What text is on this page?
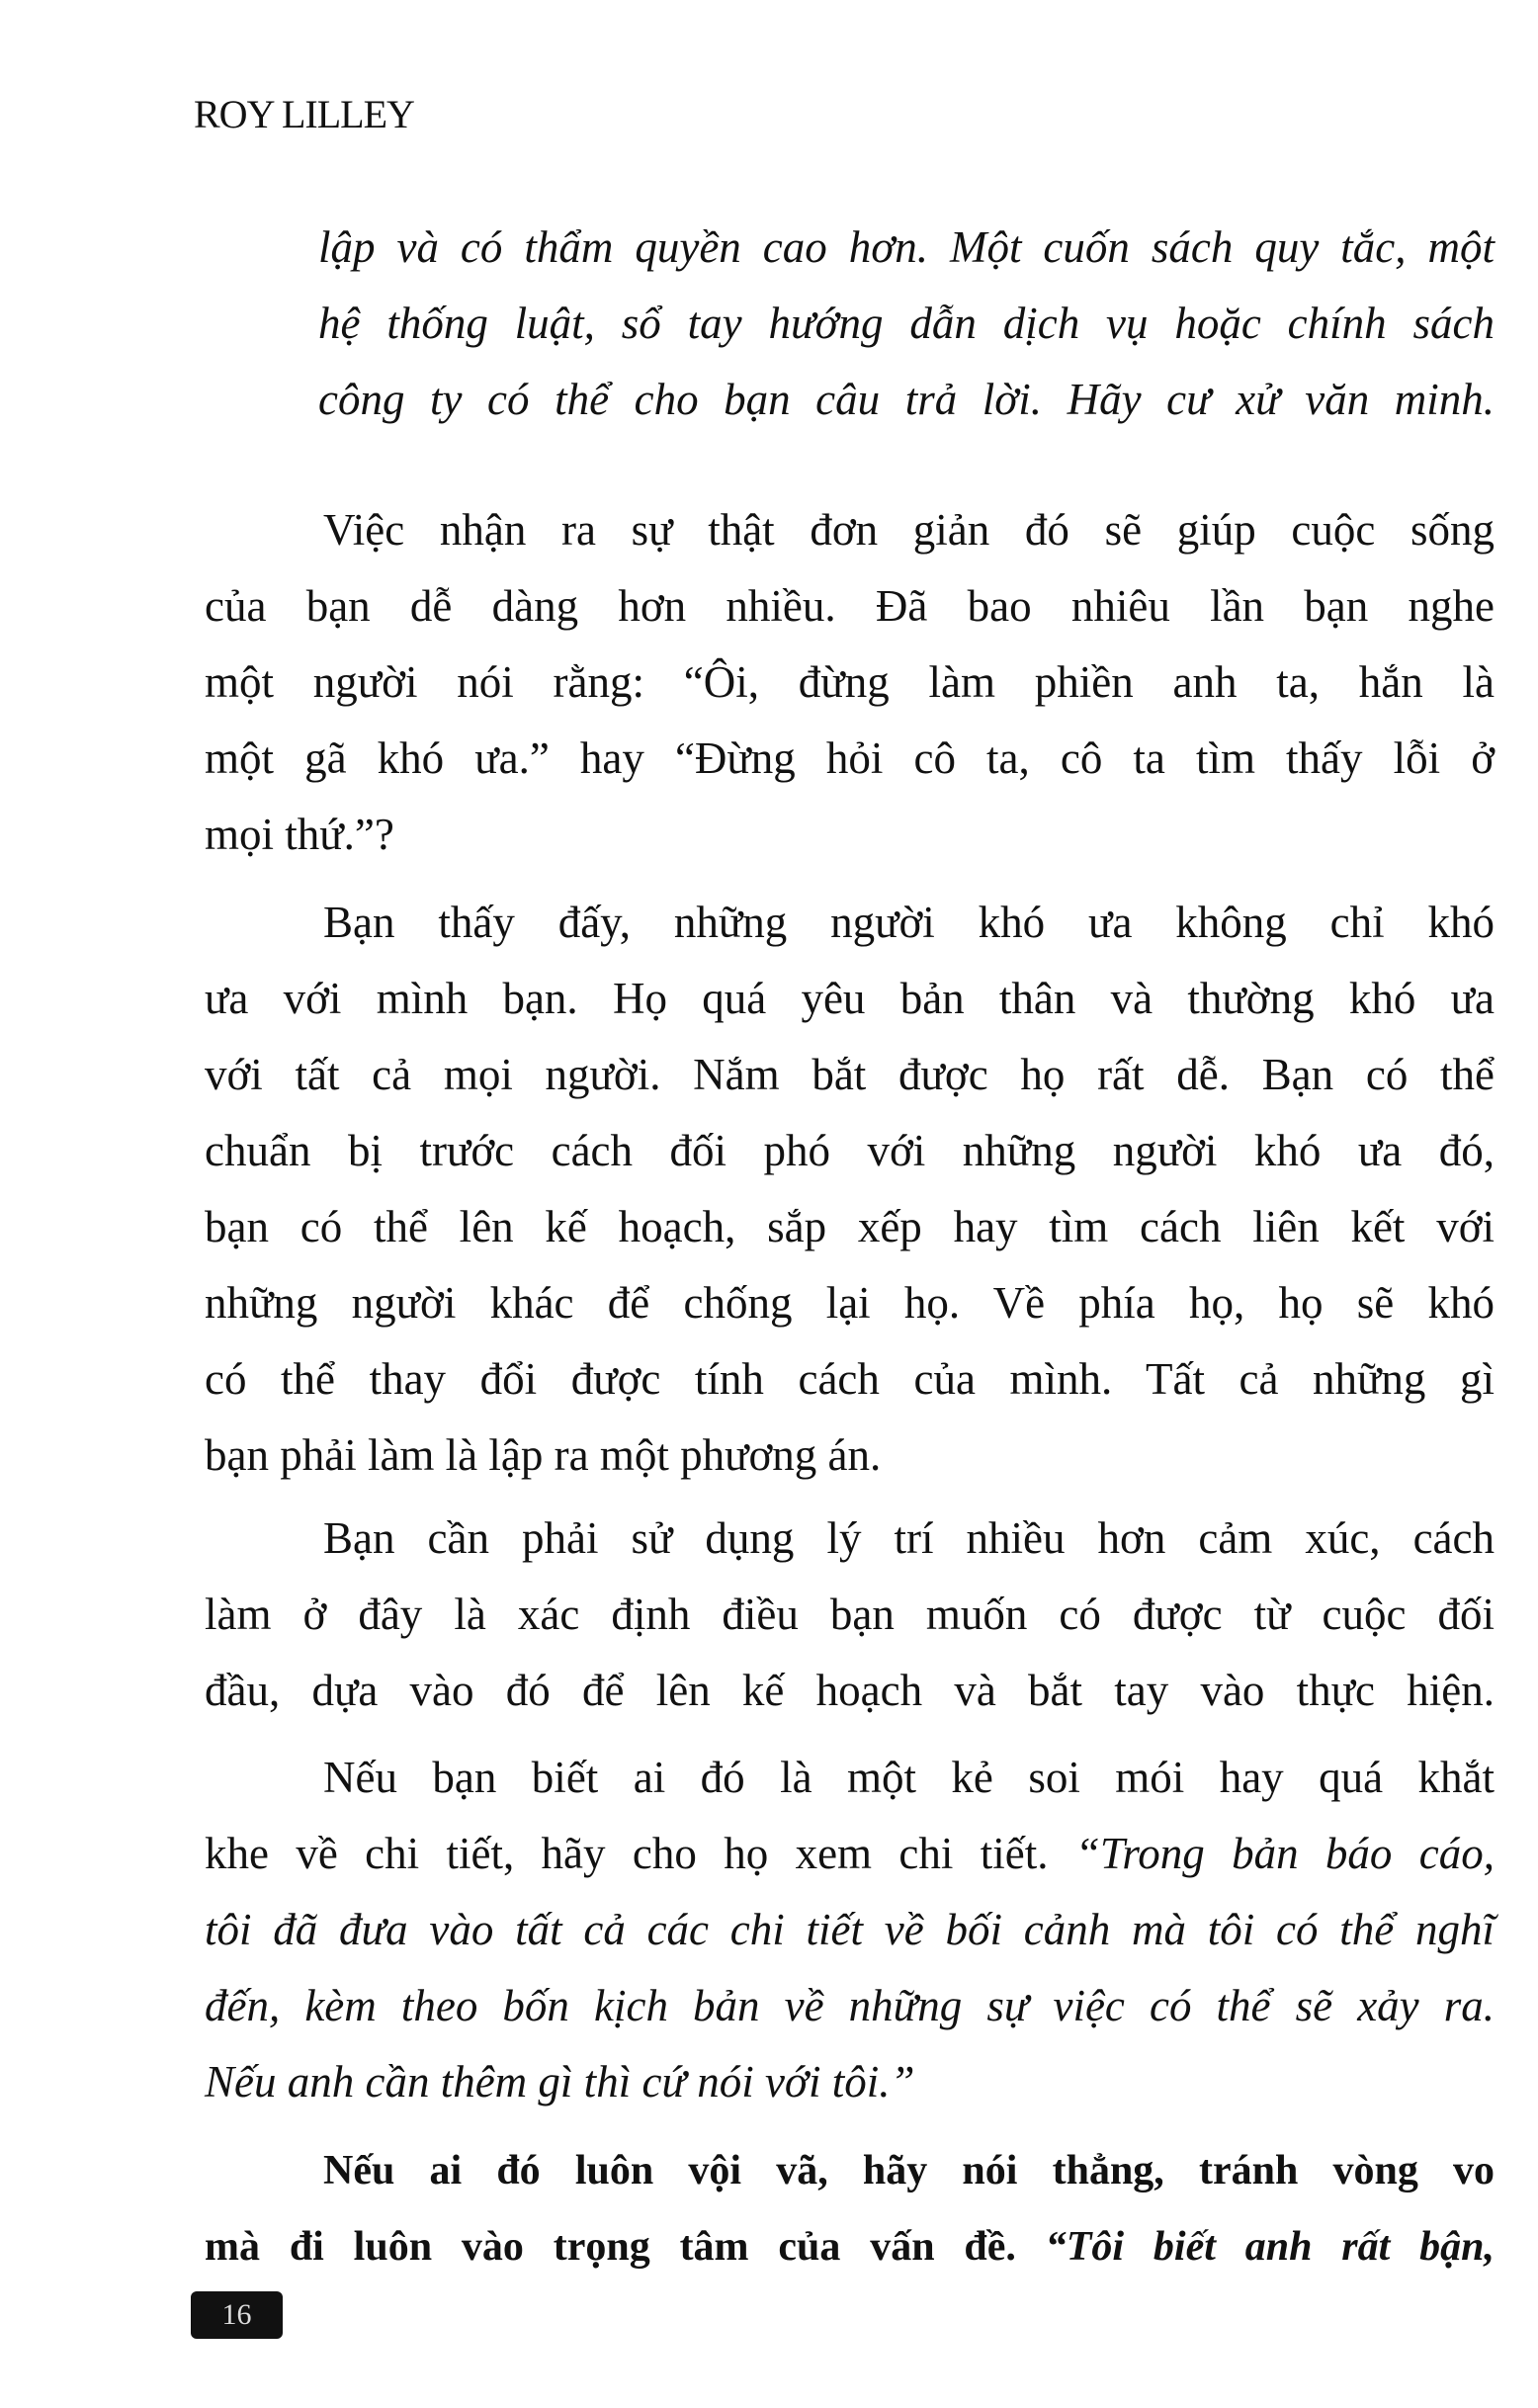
ROY LILLEY
lập và có thẩm quyền cao hơn. Một cuốn sách quy tắc, một
hệ thống luật, sổ tay hướng dẫn dịch vụ hoặc chính sách
công ty có thể cho bạn câu trả lời. Hãy cư xử văn minh.
Việc nhận ra sự thật đơn giản đó sẽ giúp cuộc sống
của bạn dễ dàng hơn nhiều. Đã bao nhiêu lần bạn nghe
một người nói rằng: “Ôi, đừng làm phiền anh ta, hắn là
một gã khó ưa.” hay “Đừng hỏi cô ta, cô ta tìm thấy lỗi ở
mọi thứ.”?
Bạn thấy đấy, những người khó ưa không chỉ khó
ưa với mình bạn. Họ quá yêu bản thân và thường khó ưa
với tất cả mọi người. Nắm bắt được họ rất dễ. Bạn có thể
chuẩn bị trước cách đối phó với những người khó ưa đó,
bạn có thể lên kế hoạch, sắp xếp hay tìm cách liên kết với
những người khác để chống lại họ. Về phía họ, họ sẽ khó
có thể thay đổi được tính cách của mình. Tất cả những gì
bạn phải làm là lập ra một phương án.
Bạn cần phải sử dụng lý trí nhiều hơn cảm xúc, cách
làm ở đây là xác định điều bạn muốn có được từ cuộc đối
đầu, dựa vào đó để lên kế hoạch và bắt tay vào thực hiện.
Nếu bạn biết ai đó là một kẻ soi mói hay quá khắt
khe về chi tiết, hãy cho họ xem chi tiết. “Trong bản báo cáo,
tôi đã đưa vào tất cả các chi tiết về bối cảnh mà tôi có thể nghĩ
đến, kèm theo bốn kịch bản về những sự việc có thể sẽ xảy ra.
Nếu anh cần thêm gì thì cứ nói với tôi.”
Nếu ai đó luôn vội vã, hãy nói thẳng, tránh vòng vo
mà đi luôn vào trọng tâm của vấn đề. “Tôi biết anh rất bận,
16
